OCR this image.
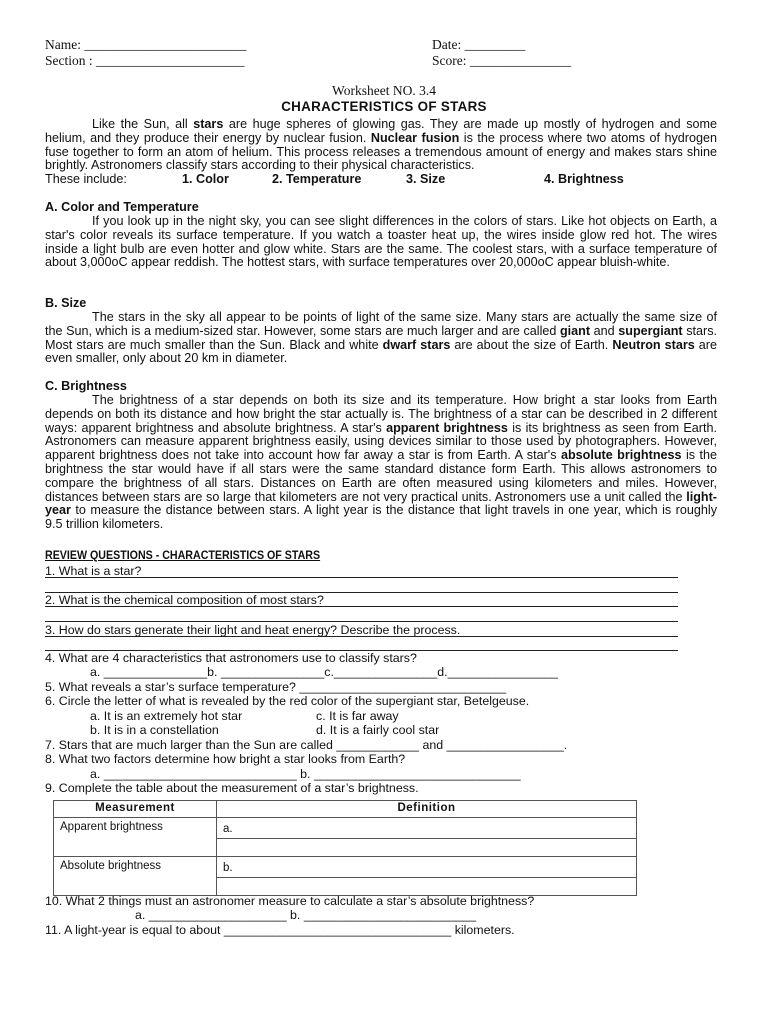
Name: ________________________
Section : ______________________
Date: _________
Score: _______________
Worksheet NO. 3.4
CHARACTERISTICS OF STARS

Like the Sun, all stars are huge spheres of glowing gas. They are made up mostly of hydrogen and some helium, and they produce their energy by nuclear fusion. Nuclear fusion is the process where two atoms of hydrogen fuse together to form an atom of helium. This process releases a tremendous amount of energy and makes stars shine brightly. Astronomers classify stars according to their physical characteristics.

These include:	1. Color	2. Temperature	3. Size	4. Brightness
A. Color and Temperature

If you look up in the night sky, you can see slight differences in the colors of stars. Like hot objects on Earth, a star's color reveals its surface temperature. If you watch a toaster heat up, the wires inside glow red hot. The wires inside a light bulb are even hotter and glow white. Stars are the same. The coolest stars, with a surface temperature of about 3,000oC appear reddish. The hottest stars, with surface temperatures over 20,000oC appear bluish-white.

B. Size

The stars in the sky all appear to be points of light of the same size. Many stars are actually the same size of the Sun, which is a medium-sized star. However, some stars are much larger and are called giant and supergiant stars. Most stars are much smaller than the Sun. Black and white dwarf stars are about the size of Earth. Neutron stars are even smaller, only about 20 km in diameter.

C. Brightness

The brightness of a star depends on both its size and its temperature. How bright a star looks from Earth depends on both its distance and how bright the star actually is. The brightness of a star can be described in 2 different ways: apparent brightness and absolute brightness. A star's apparent brightness is its brightness as seen from Earth. Astronomers can measure apparent brightness easily, using devices similar to those used by photographers. However, apparent brightness does not take into account how far away a star is from Earth. A star's absolute brightness is the brightness the star would have if all stars were the same standard distance form Earth. This allows astronomers to compare the brightness of all stars. Distances on Earth are often measured using kilometers and miles. However, distances between stars are so large that kilometers are not very practical units. Astronomers use a unit called the light-year to measure the distance between stars. A light year is the distance that light travels in one year, which is roughly 9.5 trillion kilometers.

REVIEW QUESTIONS - CHARACTERISTICS OF STARS
1. What is a star?
2. What is the chemical composition of most stars?
3. How do stars generate their light and heat energy? Describe the process.
4. What are 4 characteristics that astronomers use to classify stars?
a. _______________b. _______________c._______________d.________________
5. What reveals a star’s surface temperature? ______________________________
6. Circle the letter of what is revealed by the red color of the supergiant star, Betelgeuse.
a. It is an extremely hot star	c. It is far away
b. It is in a constellation	d. It is a fairly cool star
7. Stars that are much larger than the Sun are called ____________ and _________________.
8. What two factors determine how bright a star looks from Earth?
a. ____________________________ b. ______________________________
9. Complete the table about the measurement of a star’s brightness.
Measurement	Definition
Apparent brightness	a.

Absolute brightness	b.

10. What 2 things must an astronomer measure to calculate a star’s absolute brightness?
a. ____________________ b. _________________________
11. A light-year is equal to about _________________________________ kilometers.
